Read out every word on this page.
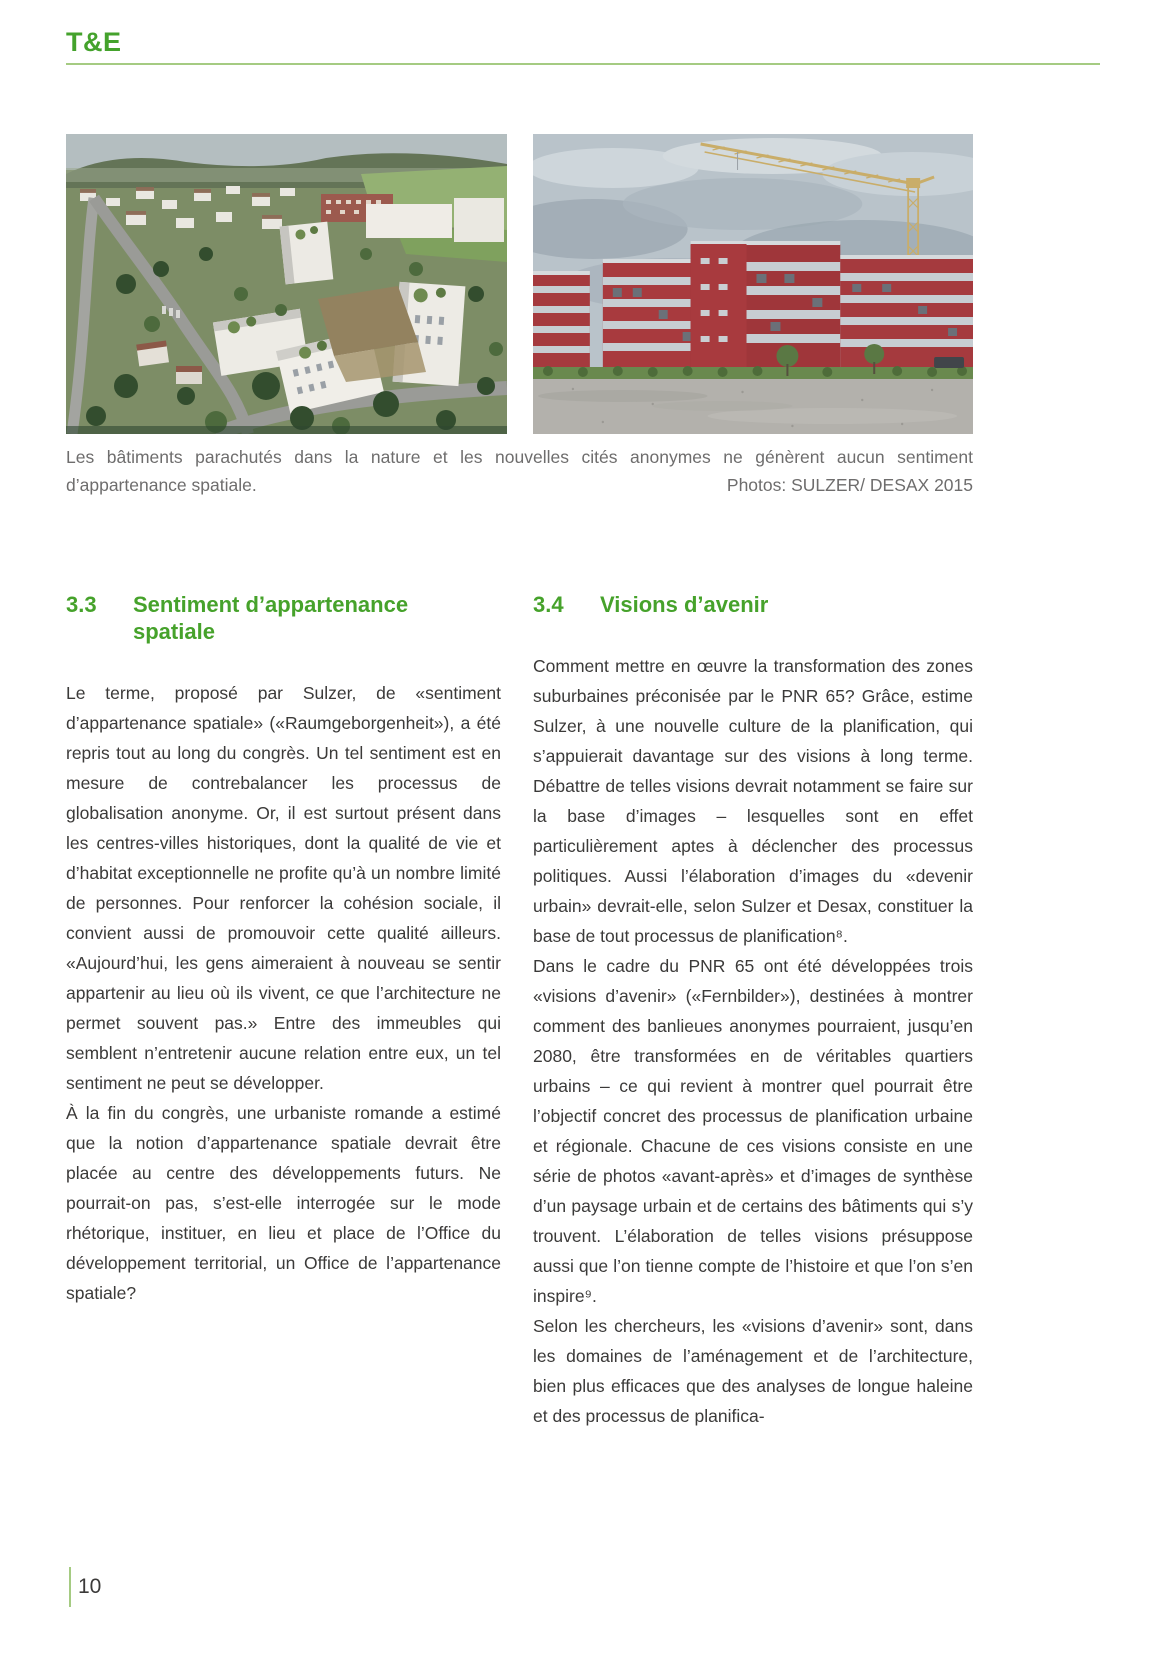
T&E

Les bâtiments parachutés dans la nature et les nouvelles cités anonymes ne génèrent aucun sentiment d’appartenance spatiale.	Photos: SULZER/ DESAX 2015
3.3	Sentiment d’appartenance spatiale

Le terme, proposé par Sulzer, de «sentiment d’appartenance spatiale» («Raumgeborgenheit»), a été repris tout au long du congrès. Un tel sentiment est en mesure de contrebalancer les processus de globalisation anonyme. Or, il est surtout présent dans les centres-villes historiques, dont la qualité de vie et d’habitat exceptionnelle ne profite qu’à un nombre limité de personnes. Pour renforcer la cohésion sociale, il convient aussi de promouvoir cette qualité ailleurs. «Aujourd’hui, les gens aimeraient à nouveau se sentir appartenir au lieu où ils vivent, ce que l’architecture ne permet souvent pas.» Entre des immeubles qui semblent n’entretenir aucune relation entre eux, un tel sentiment ne peut se développer.

À la fin du congrès, une urbaniste romande a estimé que la notion d’appartenance spatiale devrait être placée au centre des développements futurs. Ne pourrait-on pas, s’est-elle interrogée sur le mode rhétorique, instituer, en lieu et place de l’Office du développement territorial, un Office de l’appartenance spatiale?

3.4	Visions d’avenir

Comment mettre en œuvre la transformation des zones suburbaines préconisée par le PNR 65? Grâce, estime Sulzer, à une nouvelle culture de la planification, qui s’appuierait davantage sur des visions à long terme. Débattre de telles visions devrait notamment se faire sur la base d’images – lesquelles sont en effet particulièrement aptes à déclencher des processus politiques. Aussi l’élaboration d’images du «devenir urbain» devrait-elle, selon Sulzer et Desax, constituer la base de tout processus de planification⁸.

Dans le cadre du PNR 65 ont été développées trois «visions d’avenir» («Fernbilder»), destinées à montrer comment des banlieues anonymes pourraient, jusqu’en 2080, être transformées en de véritables quartiers urbains – ce qui revient à montrer quel pourrait être l’objectif concret des processus de planification urbaine et régionale. Chacune de ces visions consiste en une série de photos «avant-après» et d’images de synthèse d’un paysage urbain et de certains des bâtiments qui s’y trouvent. L’élaboration de telles visions présuppose aussi que l’on tienne compte de l’histoire et que l’on s’en inspire⁹.

Selon les chercheurs, les «visions d’avenir» sont, dans les domaines de l’aménagement et de l’architecture, bien plus efficaces que des analyses de longue haleine et des processus de planifica-

10
